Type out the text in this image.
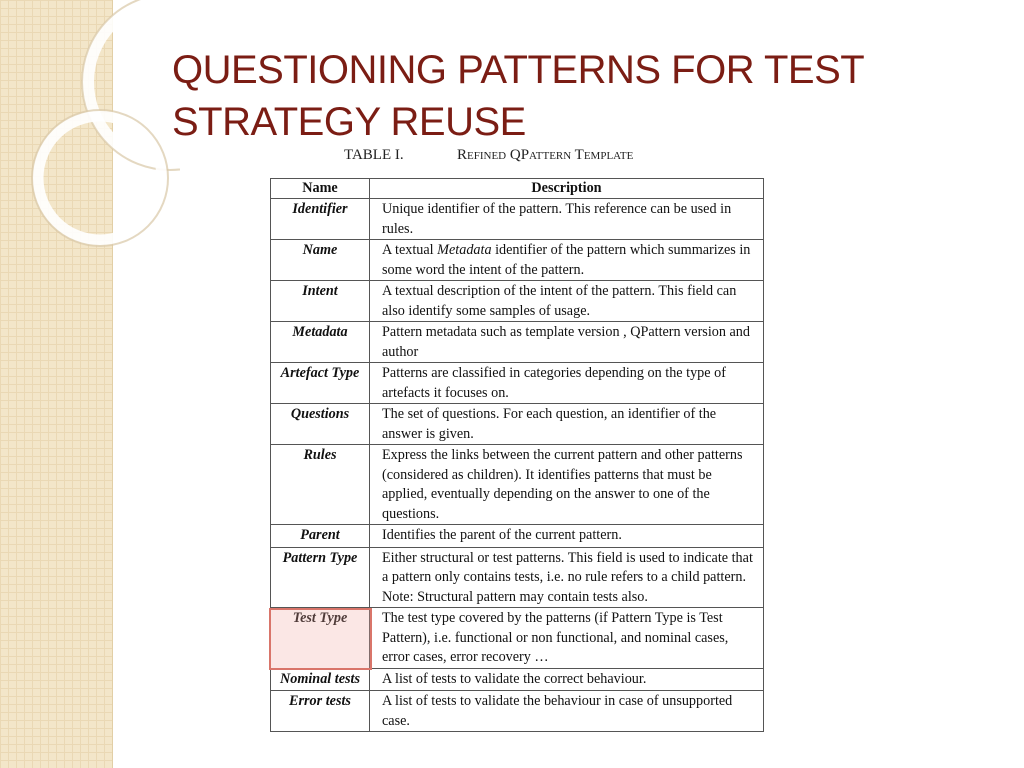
QUESTIONING PATTERNS FOR TEST STRATEGY REUSE
TABLE I.	Refined QPattern Template
Name	Description
Identifier	Unique identifier of the pattern. This reference can be used in rules.
Name	A textual Metadata identifier of the pattern which summarizes in some word the intent of the pattern.
Intent	A textual description of the intent of the pattern. This field can also identify some samples of usage.
Metadata	Pattern metadata such as template version , QPattern version and author
Artefact Type	Patterns are classified in categories depending on the type of artefacts it focuses on.
Questions	The set of questions. For each question, an identifier of the answer is given.
Rules	Express the links between the current pattern and other patterns (considered as children). It identifies patterns that must be applied, eventually depending on the answer to one of the questions.
Parent	Identifies the parent of the current pattern.
Pattern Type	Either structural or test patterns. This field is used to indicate that a pattern only contains tests, i.e. no rule refers to a child pattern. Note: Structural pattern may contain tests also.
Test Type	The test type covered by the patterns (if Pattern Type is Test Pattern), i.e. functional or non functional, and nominal cases, error cases, error recovery …
Nominal tests	A list of tests to validate the correct behaviour.
Error tests	A list of tests to validate the behaviour in case of unsupported case.
